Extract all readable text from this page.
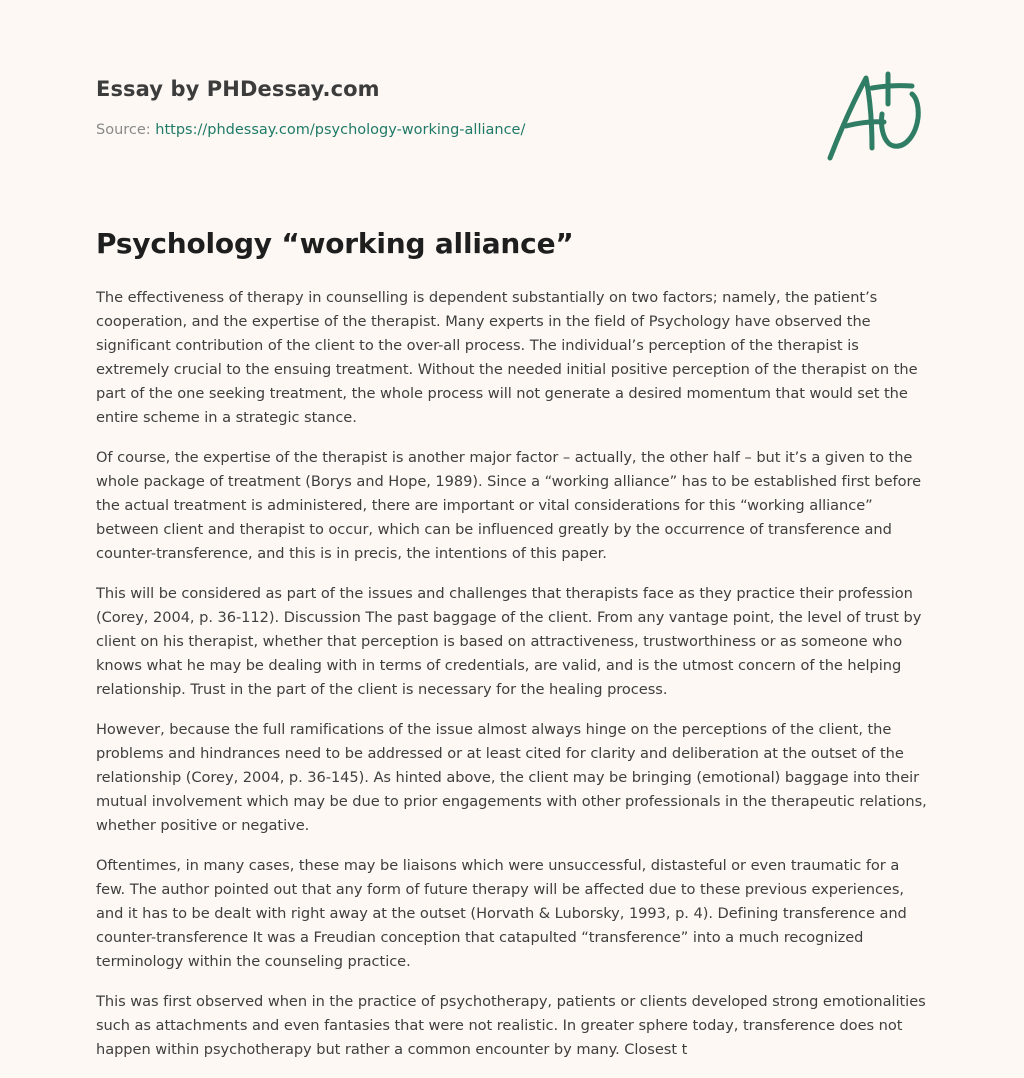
Essay by PHDessay.com
Source: https://phdessay.com/psychology-working-alliance/
Psychology “working alliance”

The effectiveness of therapy in counselling is dependent substantially on two factors; namely, the patient’s cooperation, and the expertise of the therapist. Many experts in the field of Psychology have observed the significant contribution of the client to the over-all process. The individual’s perception of the therapist is extremely crucial to the ensuing treatment. Without the needed initial positive perception of the therapist on the part of the one seeking treatment, the whole process will not generate a desired momentum that would set the entire scheme in a strategic stance.

Of course, the expertise of the therapist is another major factor – actually, the other half – but it’s a given to the whole package of treatment (Borys and Hope, 1989). Since a “working alliance” has to be established first before the actual treatment is administered, there are important or vital considerations for this “working alliance” between client and therapist to occur, which can be influenced greatly by the occurrence of transference and counter-transference, and this is in precis, the intentions of this paper.

This will be considered as part of the issues and challenges that therapists face as they practice their profession (Corey, 2004, p. 36-112). Discussion The past baggage of the client. From any vantage point, the level of trust by client on his therapist, whether that perception is based on attractiveness, trustworthiness or as someone who knows what he may be dealing with in terms of credentials, are valid, and is the utmost concern of the helping relationship. Trust in the part of the client is necessary for the healing process.

However, because the full ramifications of the issue almost always hinge on the perceptions of the client, the problems and hindrances need to be addressed or at least cited for clarity and deliberation at the outset of the relationship (Corey, 2004, p. 36-145). As hinted above, the client may be bringing (emotional) baggage into their mutual involvement which may be due to prior engagements with other professionals in the therapeutic relations, whether positive or negative.

Oftentimes, in many cases, these may be liaisons which were unsuccessful, distasteful or even traumatic for a few. The author pointed out that any form of future therapy will be affected due to these previous experiences, and it has to be dealt with right away at the outset (Horvath & Luborsky, 1993, p. 4). Defining transference and counter-transference It was a Freudian conception that catapulted “transference” into a much recognized terminology within the counseling practice.

This was first observed when in the practice of psychotherapy, patients or clients developed strong emotionalities such as attachments and even fantasies that were not realistic. In greater sphere today, transference does not happen within psychotherapy but rather a common encounter by many. Closest t
